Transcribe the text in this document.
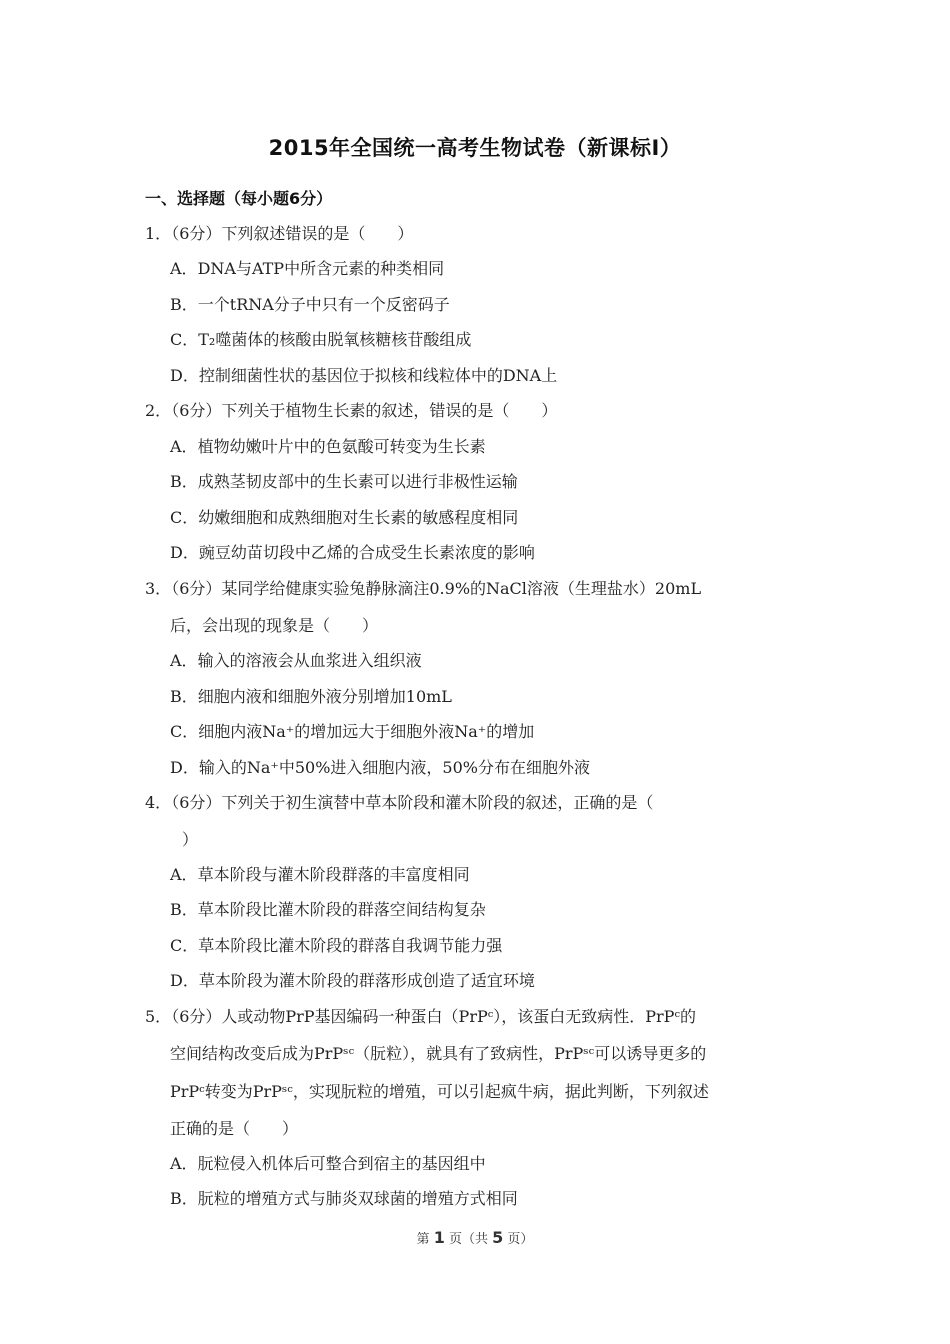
2015年全国统一高考生物试卷（新课标Ⅰ）
一、选择题（每小题6分）
1．（6分）下列叙述错误的是（　　）
A．DNA与ATP中所含元素的种类相同
B．一个tRNA分子中只有一个反密码子
C．T₂噬菌体的核酸由脱氧核糖核苷酸组成
D．控制细菌性状的基因位于拟核和线粒体中的DNA上
2．（6分）下列关于植物生长素的叙述，错误的是（　　）
A．植物幼嫩叶片中的色氨酸可转变为生长素
B．成熟茎韧皮部中的生长素可以进行非极性运输
C．幼嫩细胞和成熟细胞对生长素的敏感程度相同
D．豌豆幼苗切段中乙烯的合成受生长素浓度的影响
3．（6分）某同学给健康实验兔静脉滴注0.9%的NaCl溶液（生理盐水）20mL
后，会出现的现象是（　　）
A．输入的溶液会从血浆进入组织液
B．细胞内液和细胞外液分别增加10mL
C．细胞内液Na⁺的增加远大于细胞外液Na⁺的增加
D．输入的Na⁺中50%进入细胞内液，50%分布在细胞外液
4．（6分）下列关于初生演替中草本阶段和灌木阶段的叙述，正确的是（
）
A．草本阶段与灌木阶段群落的丰富度相同
B．草本阶段比灌木阶段的群落空间结构复杂
C．草本阶段比灌木阶段的群落自我调节能力强
D．草本阶段为灌木阶段的群落形成创造了适宜环境
5．（6分）人或动物PrP基因编码一种蛋白（PrPᶜ），该蛋白无致病性．PrPᶜ的
空间结构改变后成为PrPˢᶜ（朊粒），就具有了致病性，PrPˢᶜ可以诱导更多的
PrPᶜ转变为PrPˢᶜ，实现朊粒的增殖，可以引起疯牛病，据此判断，下列叙述
正确的是（　　）
A．朊粒侵入机体后可整合到宿主的基因组中
B．朊粒的增殖方式与肺炎双球菌的增殖方式相同
第 1 页（共 5 页）
